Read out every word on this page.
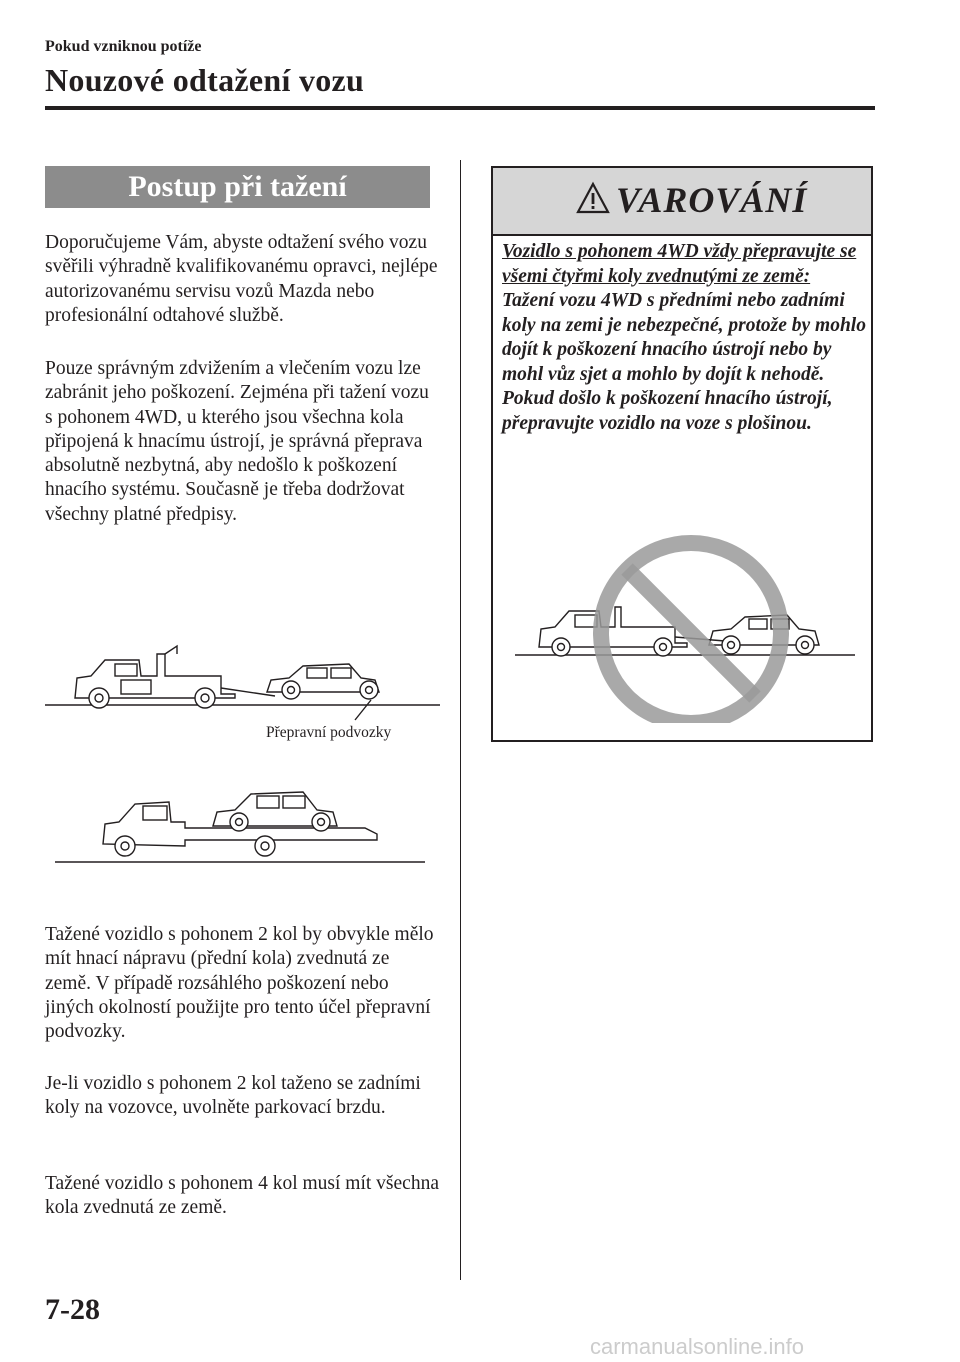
Pokud vzniknou potíže
Nouzové odtažení vozu
Postup při tažení

Doporučujeme Vám, abyste odtažení svého vozu svěřili výhradně kvalifikovanému opravci, nejlépe autorizovanému servisu vozů Mazda nebo profesionální odtahové službě.

Pouze správným zdvižením a vlečením vozu lze zabránit jeho poškození. Zejména při tažení vozu s pohonem 4WD, u kterého jsou všechna kola připojená k hnacímu ústrojí, je správná přeprava absolutně nezbytná, aby nedošlo k poškození hnacího systému. Současně je třeba dodržovat všechny platné předpisy.

Přepravní podvozky

Tažené vozidlo s pohonem 2 kol by obvykle mělo mít hnací nápravu (přední kola) zvednutá ze země. V případě rozsáhlého poškození nebo jiných okolností použijte pro tento účel přepravní podvozky.

Je-li vozidlo s pohonem 2 kol taženo se zadními koly na vozovce, uvolněte parkovací brzdu.

Tažené vozidlo s pohonem 4 kol musí mít všechna kola zvednutá ze země.

VAROVÁNÍ
Vozidlo s pohonem 4WD vždy přepravujte se všemi čtyřmi koly zvednutými ze země:
Tažení vozu 4WD s předními nebo zadními koly na zemi je nebezpečné, protože by mohlo dojít k poškození hnacího ústrojí nebo by mohl vůz sjet a mohlo by dojít k nehodě. Pokud došlo k poškození hnacího ústrojí, přepravujte vozidlo na voze s plošinou.
7-28
carmanualsonline.info
